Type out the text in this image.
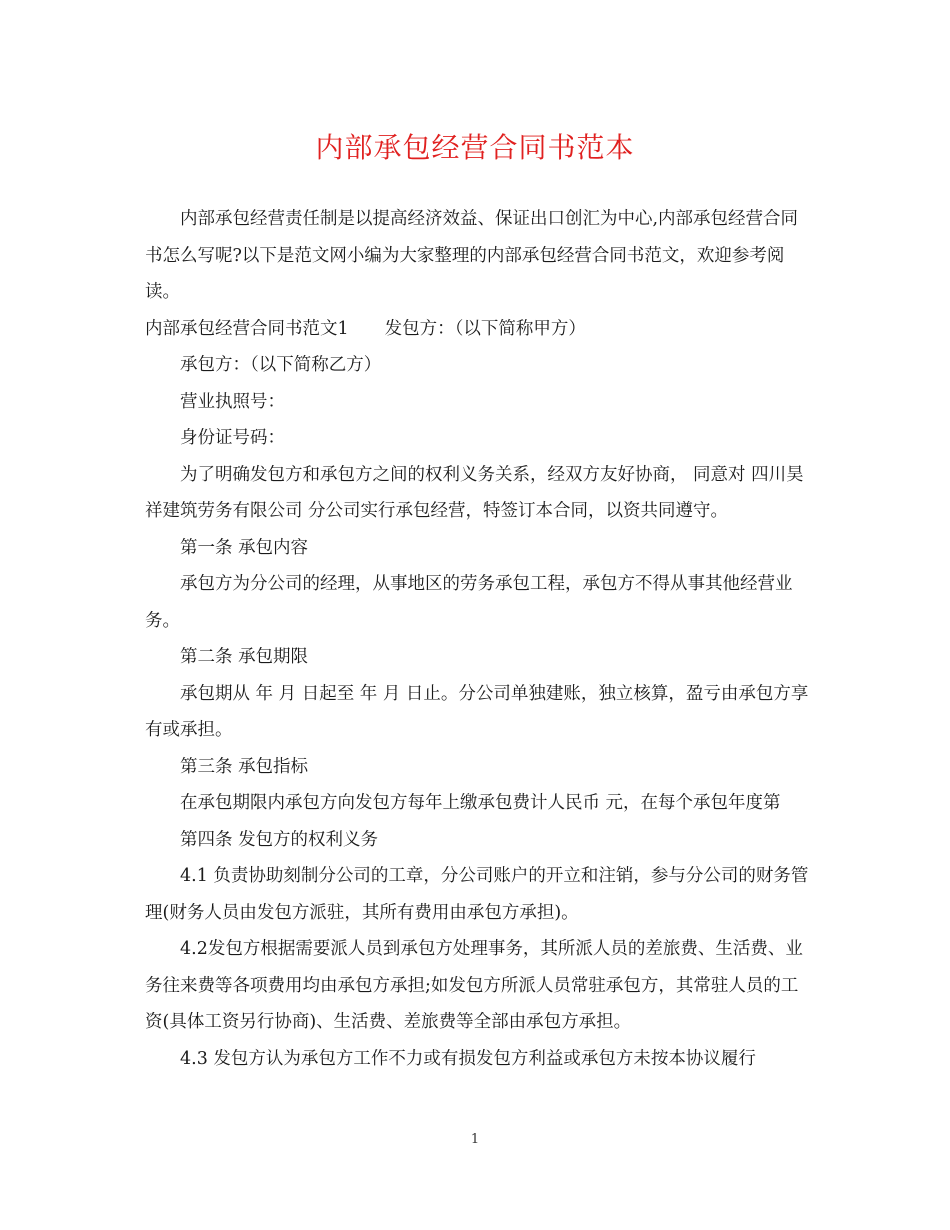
内部承包经营合同书范本

内部承包经营责任制是以提高经济效益、保证出口创汇为中心,内部承包经营合同书怎么写呢?以下是范文网小编为大家整理的内部承包经营合同书范文，欢迎参考阅读。

内部承包经营合同书范文1 发包方：（以下简称甲方）

承包方：（以下简称乙方）

营业执照号：

身份证号码：

为了明确发包方和承包方之间的权利义务关系，经双方友好协商， 同意对 四川昊祥建筑劳务有限公司 分公司实行承包经营，特签订本合同，以资共同遵守。

第一条 承包内容

承包方为分公司的经理，从事地区的劳务承包工程，承包方不得从事其他经营业务。

第二条 承包期限

承包期从 年 月 日起至 年 月 日止。分公司单独建账，独立核算，盈亏由承包方享有或承担。

第三条 承包指标

在承包期限内承包方向发包方每年上缴承包费计人民币 元，在每个承包年度第

第四条 发包方的权利义务

4.1 负责协助刻制分公司的工章，分公司账户的开立和注销，参与分公司的财务管理(财务人员由发包方派驻，其所有费用由承包方承担)。

4.2发包方根据需要派人员到承包方处理事务，其所派人员的差旅费、生活费、业务往来费等各项费用均由承包方承担;如发包方所派人员常驻承包方，其常驻人员的工资(具体工资另行协商)、生活费、差旅费等全部由承包方承担。

4.3 发包方认为承包方工作不力或有损发包方利益或承包方未按本协议履行

1
